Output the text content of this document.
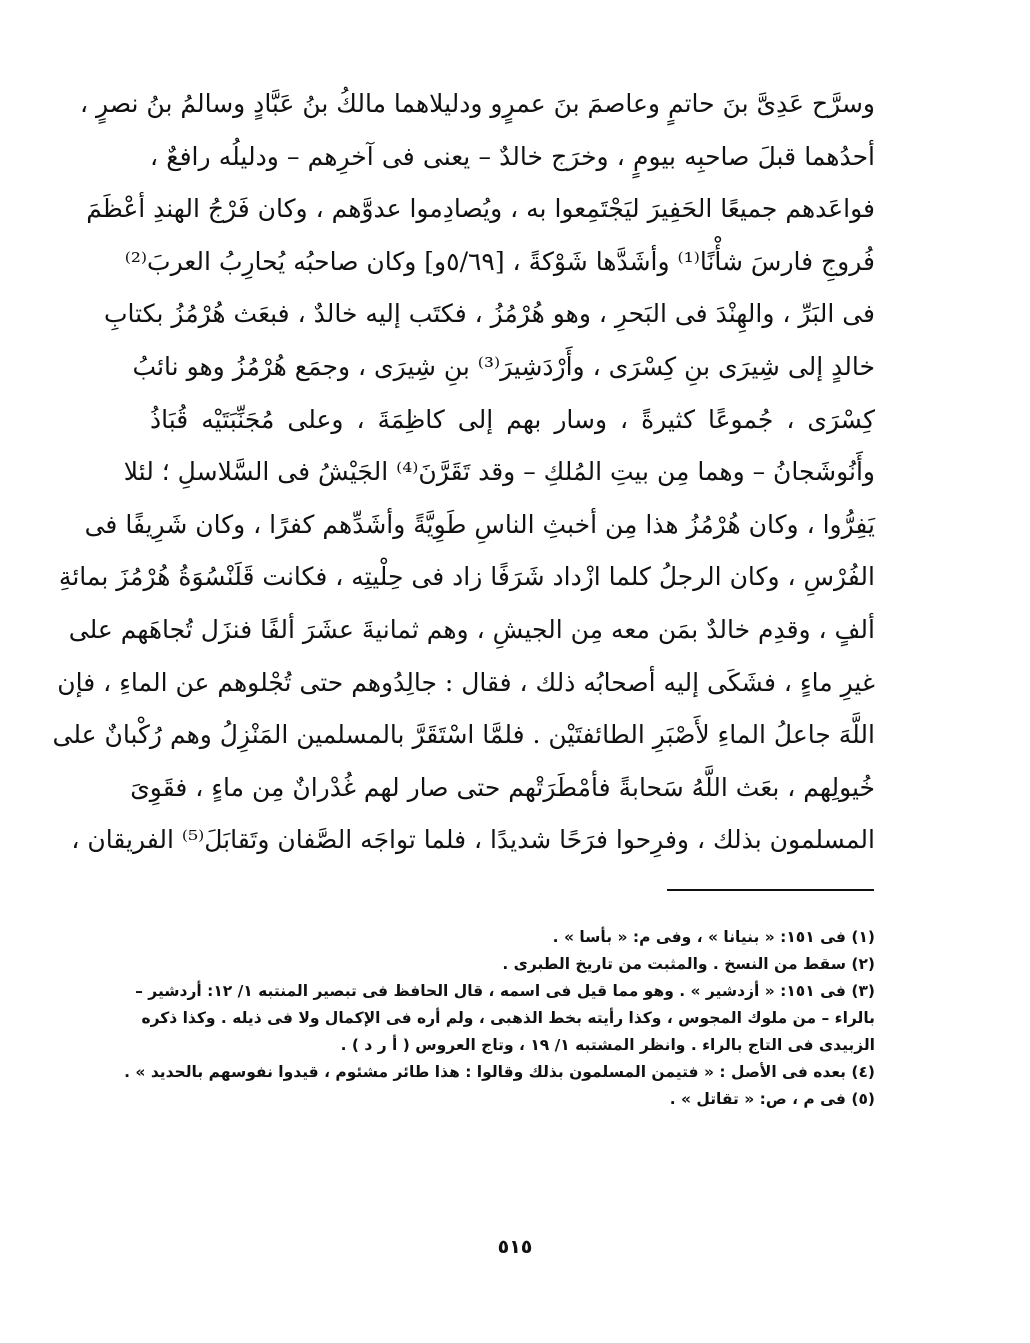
وسرَّح عَدِىَّ بنَ حاتمٍ وعاصمَ بنَ عمرٍو ودليلاهما مالكُ بنُ عَبَّادٍ وسالمُ بنُ نصرٍ ،
أحدُهما قبلَ صاحبِه بيومٍ ، وخرَج خالدٌ – يعنى فى آخرِهم – ودليلُه رافعٌ ،
فواعَدهم جميعًا الحَفِيرَ ليَجْتَمِعوا به ، ويُصادِموا عدوَّهم ، وكان فَرْجُ الهندِ أعْظَمَ
فُروجِ فارسَ شأْنًا⁽¹⁾ وأشَدَّها شَوْكةً ، [٥/٦٩و] وكان صاحبُه يُحارِبُ العربَ⁽²⁾
فى البَرِّ ، والهِنْدَ فى البَحرِ ، وهو هُرْمُزُ ، فكتَب إليه خالدٌ ، فبعَث هُرْمُزُ بكتابِ
خالدٍ إلى شِيرَى بنِ كِسْرَى ، وأَرْدَشِيرَ⁽³⁾ بنِ شِيرَى ، وجمَع هُرْمُزُ وهو نائبُ
كِسْرَى ، جُموعًا كثيرةً ، وسار بهم إلى كاظِمَةَ ، وعلى مُجَنِّبَتَيْه قُبَاذُ
وأَنُوشَجانُ – وهما مِن بيتِ المُلكِ – وقد تَقَرَّنَ⁽⁴⁾ الجَيْشُ فى السَّلاسلِ ؛ لئلا
يَفِرُّوا ، وكان هُرْمُزُ هذا مِن أخبثِ الناسِ طَوِيَّةً وأشَدِّهم كفرًا ، وكان شَرِيفًا فى
الفُرْسِ ، وكان الرجلُ كلما ازْداد شَرَفًا زاد فى حِلْيتِه ، فكانت قَلَنْسُوَةُ هُرْمُزَ بمائةِ
ألفٍ ، وقدِم خالدٌ بمَن معه مِن الجيشِ ، وهم ثمانيةَ عشَرَ ألفًا فنزَل تُجاهَهم على
غيرِ ماءٍ ، فشَكَى إليه أصحابُه ذلك ، فقال : جالِدُوهم حتى تُجْلوهم عن الماءِ ، فإن
اللَّهَ جاعلُ الماءِ لأَصْبَرِ الطائفتَيْن . فلمَّا اسْتَقَرَّ بالمسلمين المَنْزِلُ وهم رُكْبانٌ على
خُيولِهم ، بعَث اللَّهُ سَحابةً فأمْطَرَتْهم حتى صار لهم غُدْرانٌ مِن ماءٍ ، فقَوِىَ
المسلمون بذلك ، وفرِحوا فرَحًا شديدًا ، فلما تواجَه الصَّفان وتَقابَلَ⁽⁵⁾ الفريقان ،
(١) فى ١٥١: « بنيانا » ، وفى م: « بأسا » .
(٢) سقط من النسخ . والمثبت من تاريخ الطبرى .
(٣) فى ١٥١: « أزدشير » . وهو مما قيل فى اسمه ، قال الحافظ فى تبصير المنتبه ١/ ١٢: أردشير –
بالراء – من ملوك المجوس ، وكذا رأيته بخط الذهبى ، ولم أره فى الإكمال ولا فى ذيله . وكذا ذكره
الزبيدى فى التاج بالراء . وانظر المشتبه ١/ ١٩ ، وتاج العروس ( أ ر د ) .
(٤) بعده فى الأصل : « فتيمن المسلمون بذلك وقالوا : هذا طائر مشئوم ، قيدوا نفوسهم بالحديد » .
(٥) فى م ، ص: « تقاتل » .
٥١٥
